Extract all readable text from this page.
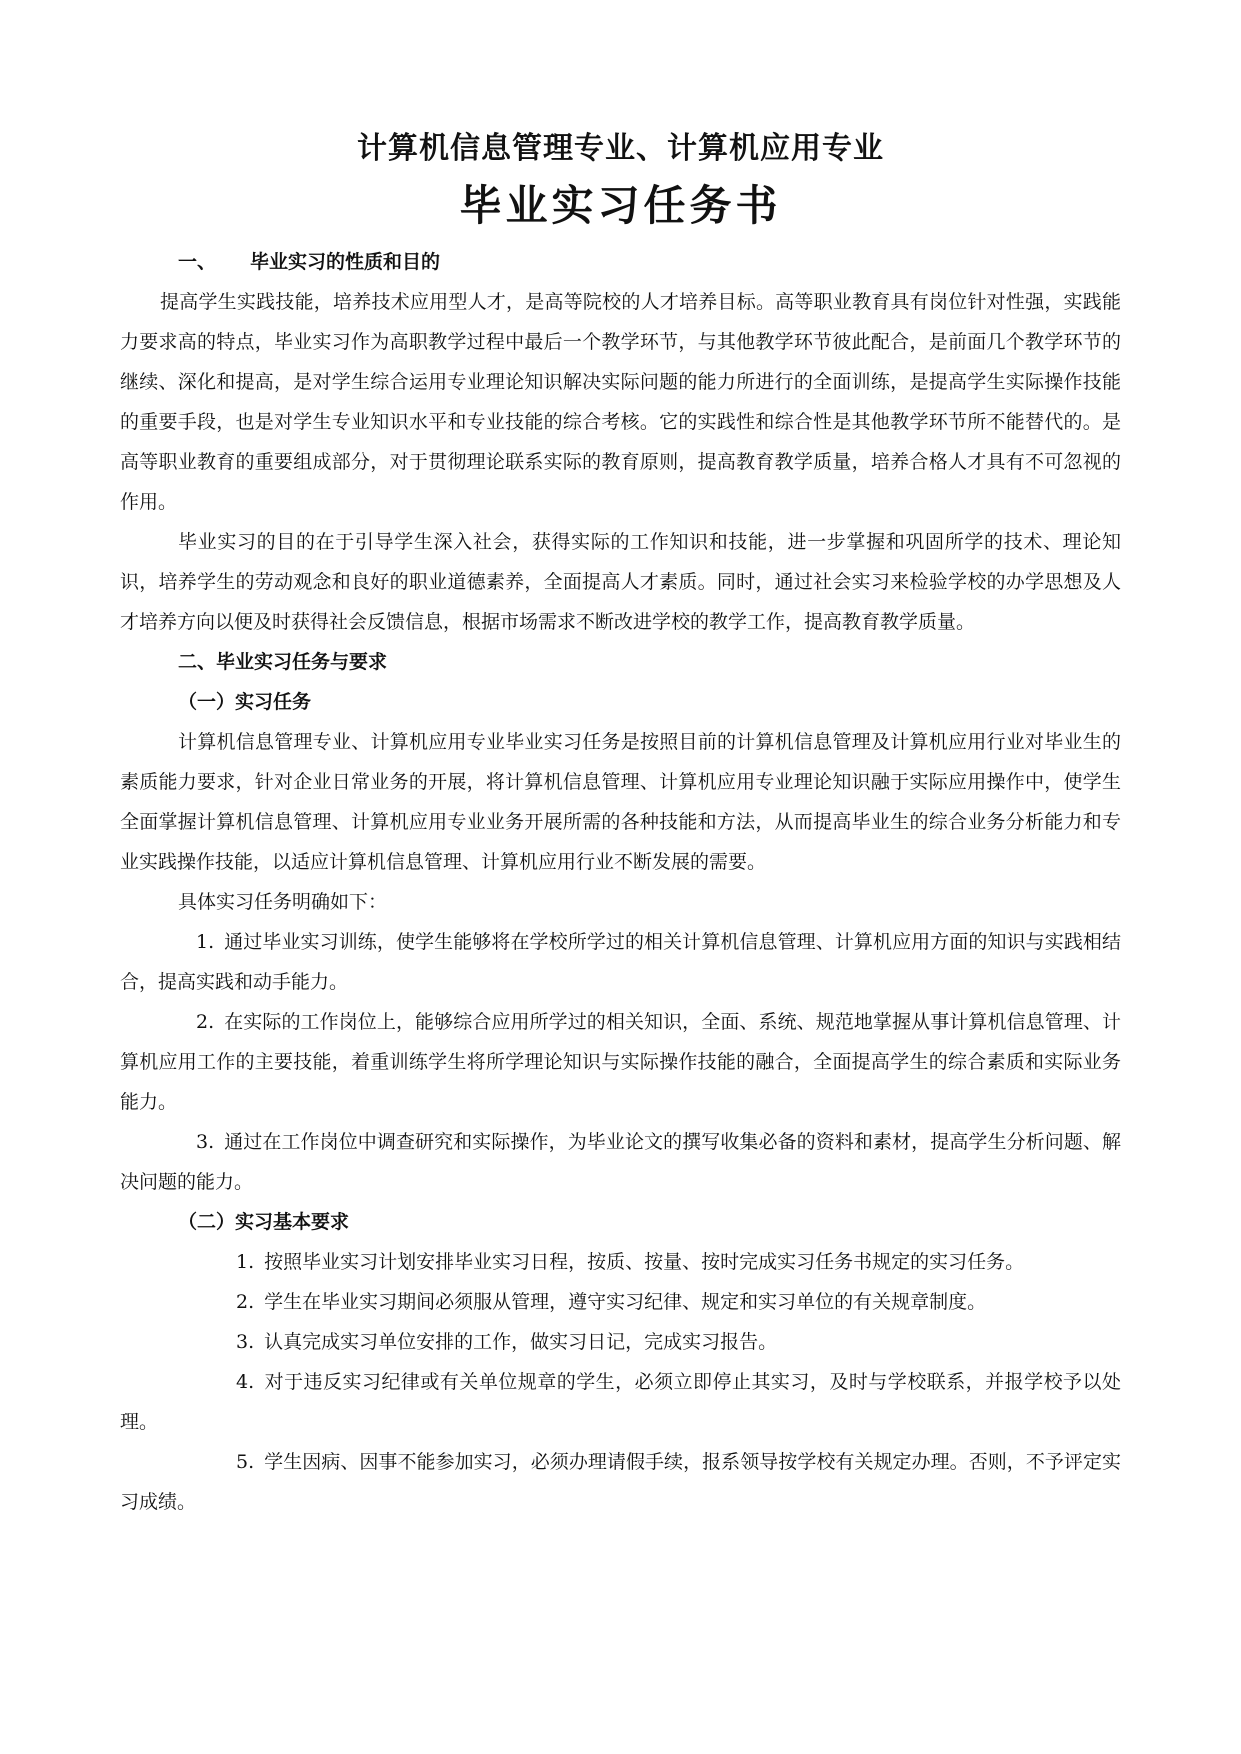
计算机信息管理专业、计算机应用专业
毕业实习任务书
一、 毕业实习的性质和目的

提高学生实践技能，培养技术应用型人才，是高等院校的人才培养目标。高等职业教育具有岗位针对性强，实践能力要求高的特点，毕业实习作为高职教学过程中最后一个教学环节，与其他教学环节彼此配合，是前面几个教学环节的继续、深化和提高，是对学生综合运用专业理论知识解决实际问题的能力所进行的全面训练，是提高学生实际操作技能的重要手段，也是对学生专业知识水平和专业技能的综合考核。它的实践性和综合性是其他教学环节所不能替代的。是高等职业教育的重要组成部分，对于贯彻理论联系实际的教育原则，提高教育教学质量，培养合格人才具有不可忽视的作用。

毕业实习的目的在于引导学生深入社会，获得实际的工作知识和技能，进一步掌握和巩固所学的技术、理论知识，培养学生的劳动观念和良好的职业道德素养，全面提高人才素质。同时，通过社会实习来检验学校的办学思想及人才培养方向以便及时获得社会反馈信息，根据市场需求不断改进学校的教学工作，提高教育教学质量。

二、毕业实习任务与要求
（一）实习任务

计算机信息管理专业、计算机应用专业毕业实习任务是按照目前的计算机信息管理及计算机应用行业对毕业生的素质能力要求，针对企业日常业务的开展，将计算机信息管理、计算机应用专业理论知识融于实际应用操作中，使学生全面掌握计算机信息管理、计算机应用专业业务开展所需的各种技能和方法，从而提高毕业生的综合业务分析能力和专业实践操作技能，以适应计算机信息管理、计算机应用行业不断发展的需要。

具体实习任务明确如下：

1. 通过毕业实习训练，使学生能够将在学校所学过的相关计算机信息管理、计算机应用方面的知识与实践相结合，提高实践和动手能力。

2. 在实际的工作岗位上，能够综合应用所学过的相关知识，全面、系统、规范地掌握从事计算机信息管理、计算机应用工作的主要技能，着重训练学生将所学理论知识与实际操作技能的融合，全面提高学生的综合素质和实际业务能力。

3. 通过在工作岗位中调查研究和实际操作，为毕业论文的撰写收集必备的资料和素材，提高学生分析问题、解决问题的能力。

（二）实习基本要求

1. 按照毕业实习计划安排毕业实习日程，按质、按量、按时完成实习任务书规定的实习任务。

2. 学生在毕业实习期间必须服从管理，遵守实习纪律、规定和实习单位的有关规章制度。

3. 认真完成实习单位安排的工作，做实习日记，完成实习报告。

4. 对于违反实习纪律或有关单位规章的学生，必须立即停止其实习，及时与学校联系，并报学校予以处理。

5. 学生因病、因事不能参加实习，必须办理请假手续，报系领导按学校有关规定办理。否则，不予评定实习成绩。
